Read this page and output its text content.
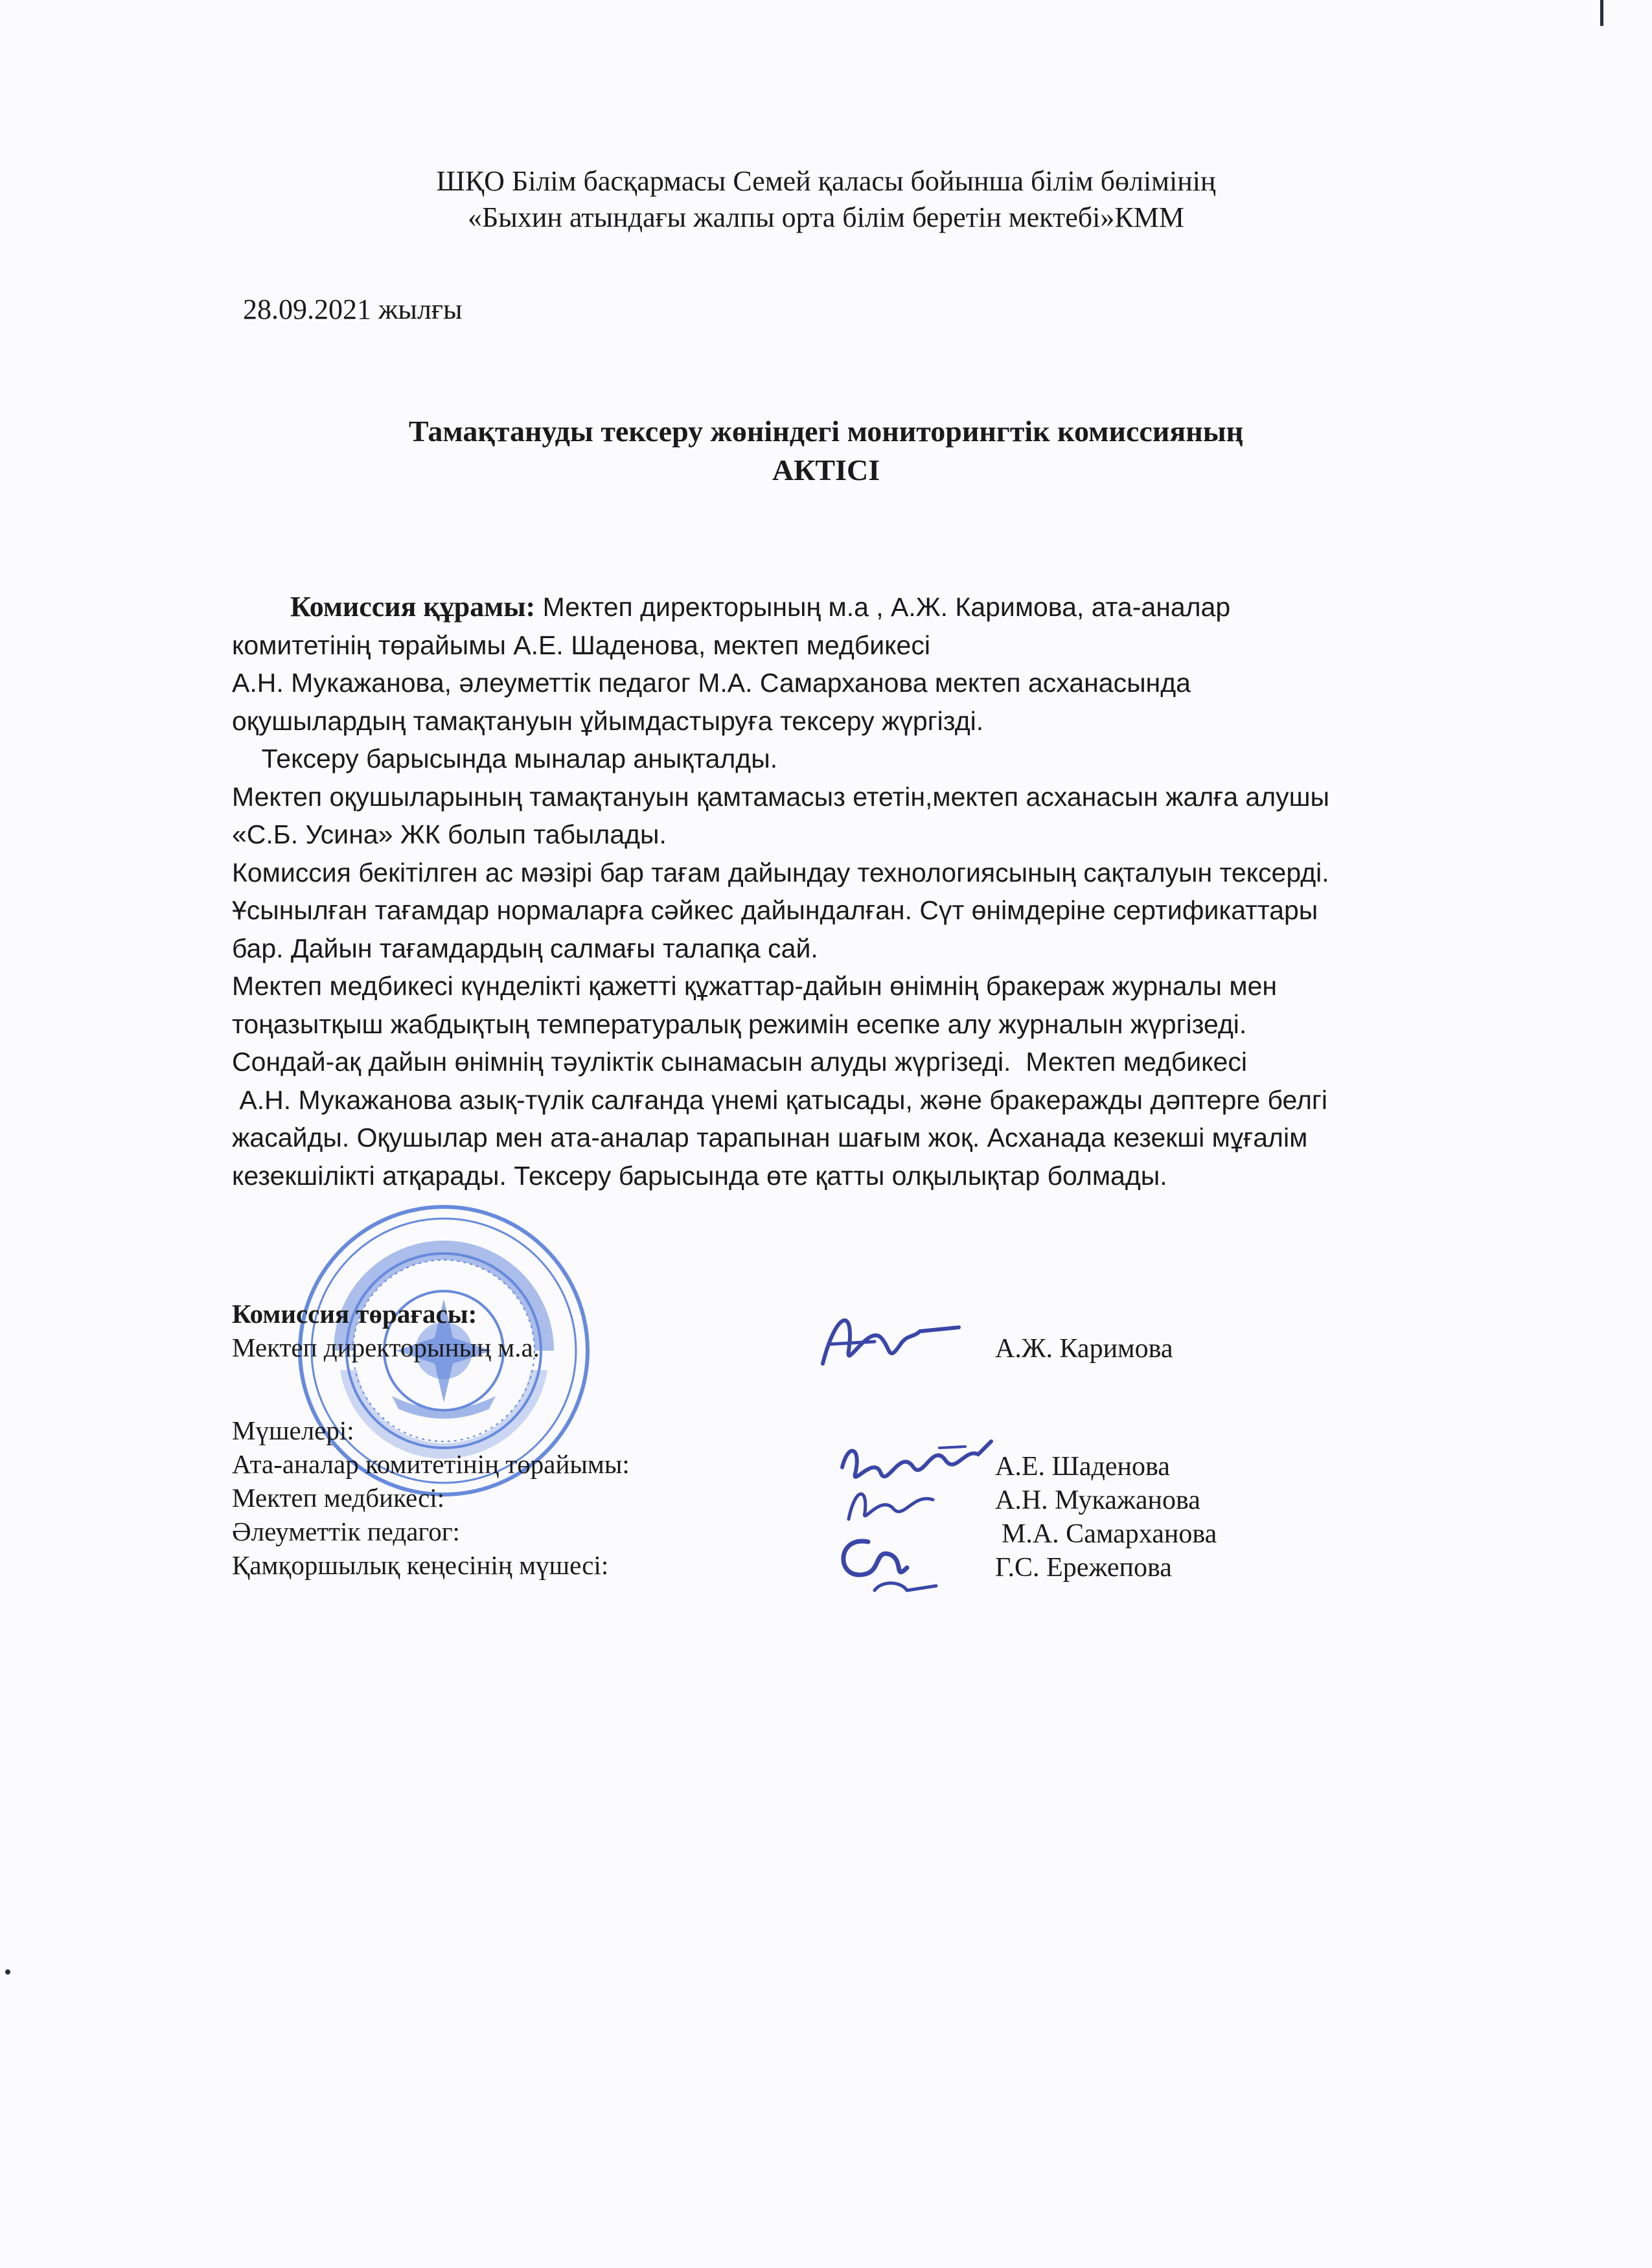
ШҚО Білім басқармасы Семей қаласы бойынша білім бөлімінің
«Быхин атындағы жалпы орта білім беретін мектебі»КММ
28.09.2021 жылғы
Тамақтануды тексеру жөніндегі мониторингтік комиссияның
АКТІСІ

Комиссия құрамы: Мектеп директорының м.а , А.Ж. Каримова, ата-аналар

комитетінің төрайымы А.Е. Шаденова, мектеп медбикесі

А.Н. Мукажанова, әлеуметтік педагог М.А. Самарханова мектеп асханасында

оқушылардың тамақтануын ұйымдастыруға тексеру жүргізді.

Тексеру барысында мыналар анықталды.

Мектеп оқушыларының тамақтануын қамтамасыз ететін,мектеп асханасын жалға алушы

«С.Б. Усина» ЖК болып табылады.

Комиссия бекітілген ас мәзірі бар тағам дайындау технологиясының сақталуын тексерді.

Ұсынылған тағамдар нормаларға сәйкес дайындалған. Сүт өнімдеріне сертификаттары

бар. Дайын тағамдардың салмағы талапқа сай.

Мектеп медбикесі күнделікті қажетті құжаттар-дайын өнімнің бракераж журналы мен

тоңазытқыш жабдықтың температуралық режимін есепке алу журналын жүргізеді.

Сондай-ақ дайын өнімнің тәуліктік сынамасын алуды жүргізеді.  Мектеп медбикесі

А.Н. Мукажанова азық-түлік салғанда үнемі қатысады, және бракеражды дәптерге белгі

жасайды. Оқушылар мен ата-аналар тарапынан шағым жоқ. Асханада кезекші мұғалім

кезекшілікті атқарады. Тексеру барысында өте қатты олқылықтар болмады.

Комиссия төрағасы:
Мектеп директорының м.а.	А.Ж. Каримова
Мүшелері:
Ата-аналар комитетінің төрайымы:	А.Е. Шаденова
Мектеп медбикесі:	А.Н. Мукажанова
Әлеуметтік педагог:	М.А. Самарханова
Қамқоршылық кеңесінің мүшесі:	Г.С. Ережепова
